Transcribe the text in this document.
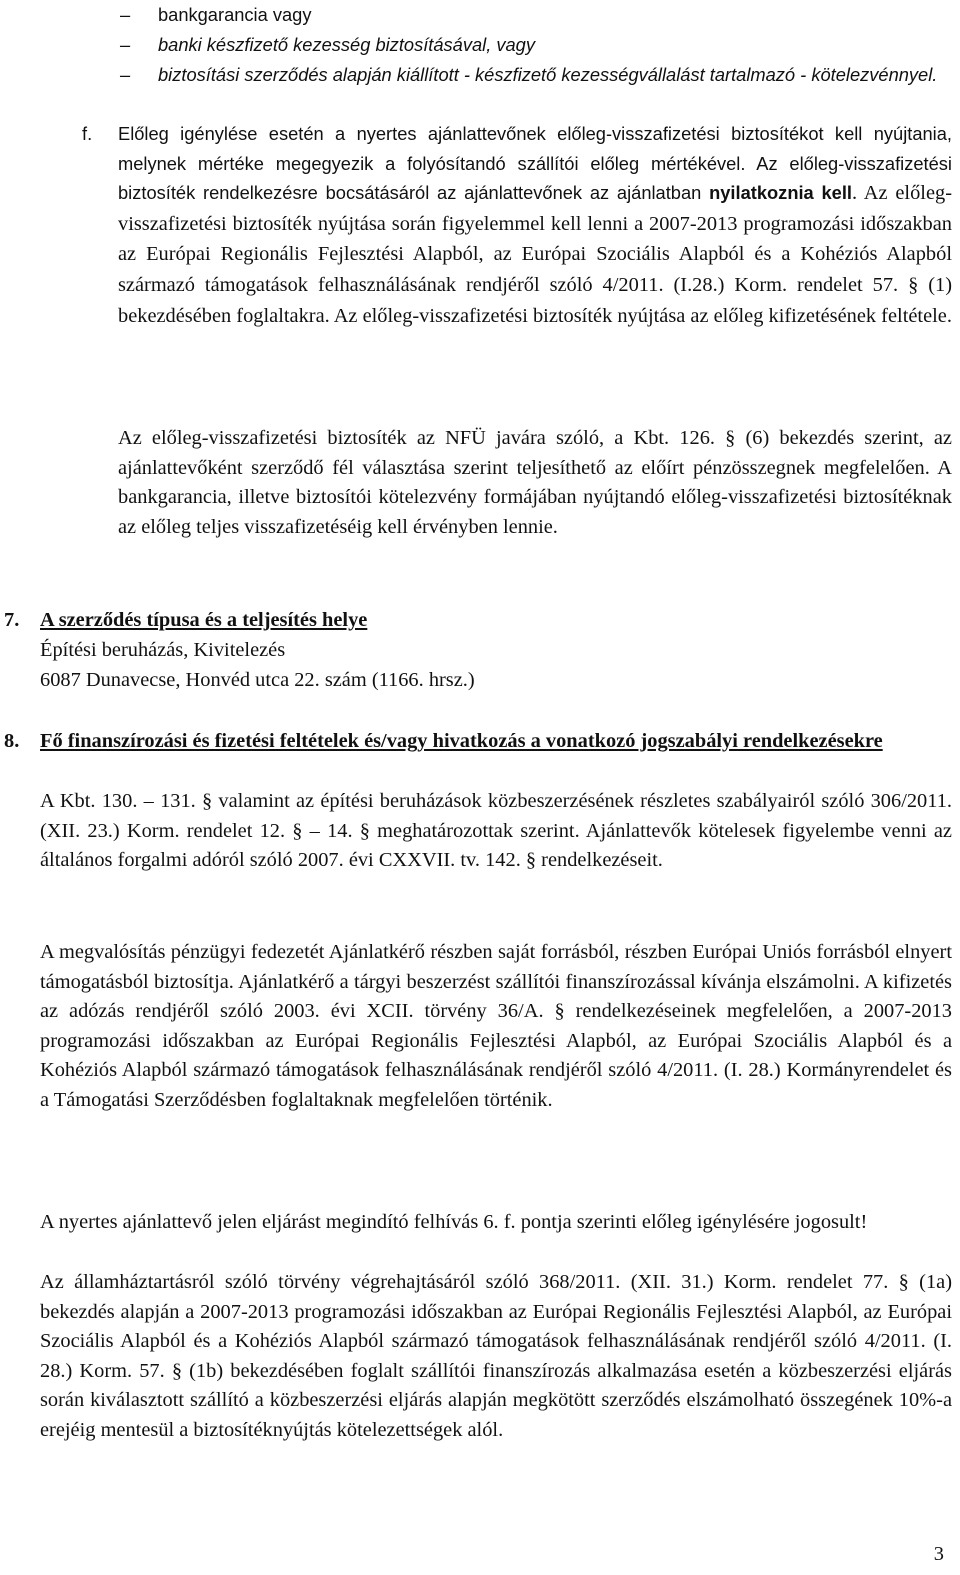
– bankgarancia vagy
– banki készfizető kezesség biztosításával, vagy
– biztosítási szerződés alapján kiállított - készfizető kezességvállalást tartalmazó - kötelezvénnyel.
f. Előleg igénylése esetén a nyertes ajánlattevőnek előleg-visszafizetési biztosítékot kell nyújtania, melynek mértéke megegyezik a folyósítandó szállítói előleg mértékével. Az előleg-visszafizetési biztosíték rendelkezésre bocsátásáról az ajánlattevőnek az ajánlatban nyilatkoznia kell. Az előleg-visszafizetési biztosíték nyújtása során figyelemmel kell lenni a 2007-2013 programozási időszakban az Európai Regionális Fejlesztési Alapból, az Európai Szociális Alapból és a Kohéziós Alapból származó támogatások felhasználásának rendjéről szóló 4/2011. (I.28.) Korm. rendelet 57. § (1) bekezdésében foglaltakra. Az előleg-visszafizetési biztosíték nyújtása az előleg kifizetésének feltétele.
Az előleg-visszafizetési biztosíték az NFÜ javára szóló, a Kbt. 126. § (6) bekezdés szerint, az ajánlattevőként szerződő fél választása szerint teljesíthető az előírt pénzösszegnek megfelelően. A bankgarancia, illetve biztosítói kötelezvény formájában nyújtandó előleg-visszafizetési biztosítéknak az előleg teljes visszafizetéséig kell érvényben lennie.
7. A szerződés típusa és a teljesítés helye
Építési beruházás, Kivitelezés
6087 Dunavecse, Honvéd utca 22. szám (1166. hrsz.)
8. Fő finanszírozási és fizetési feltételek és/vagy hivatkozás a vonatkozó jogszabályi rendelkezésekre
A Kbt. 130. – 131. § valamint az építési beruházások közbeszerzésének részletes szabályairól szóló 306/2011. (XII. 23.) Korm. rendelet 12. § – 14. § meghatározottak szerint. Ajánlattevők kötelesek figyelembe venni az általános forgalmi adóról szóló 2007. évi CXXVII. tv. 142. § rendelkezéseit.
A megvalósítás pénzügyi fedezetét Ajánlatkérő részben saját forrásból, részben Európai Uniós forrásból elnyert támogatásból biztosítja. Ajánlatkérő a tárgyi beszerzést szállítói finanszírozással kívánja elszámolni. A kifizetés az adózás rendjéről szóló 2003. évi XCII. törvény 36/A. § rendelkezéseinek megfelelően, a 2007-2013 programozási időszakban az Európai Regionális Fejlesztési Alapból, az Európai Szociális Alapból és a Kohéziós Alapból származó támogatások felhasználásának rendjéről szóló 4/2011. (I. 28.) Kormányrendelet és a Támogatási Szerződésben foglaltaknak megfelelően történik.
A nyertes ajánlattevő jelen eljárást megindító felhívás 6. f. pontja szerinti előleg igénylésére jogosult!
Az államháztartásról szóló törvény végrehajtásáról szóló 368/2011. (XII. 31.) Korm. rendelet 77. § (1a) bekezdés alapján a 2007-2013 programozási időszakban az Európai Regionális Fejlesztési Alapból, az Európai Szociális Alapból és a Kohéziós Alapból származó támogatások felhasználásának rendjéről szóló 4/2011. (I. 28.) Korm. 57. § (1b) bekezdésében foglalt szállítói finanszírozás alkalmazása esetén a közbeszerzési eljárás során kiválasztott szállító a közbeszerzési eljárás alapján megkötött szerződés elszámolható összegének 10%-a erejéig mentesül a biztosítéknyújtás kötelezettségek alól.
3
